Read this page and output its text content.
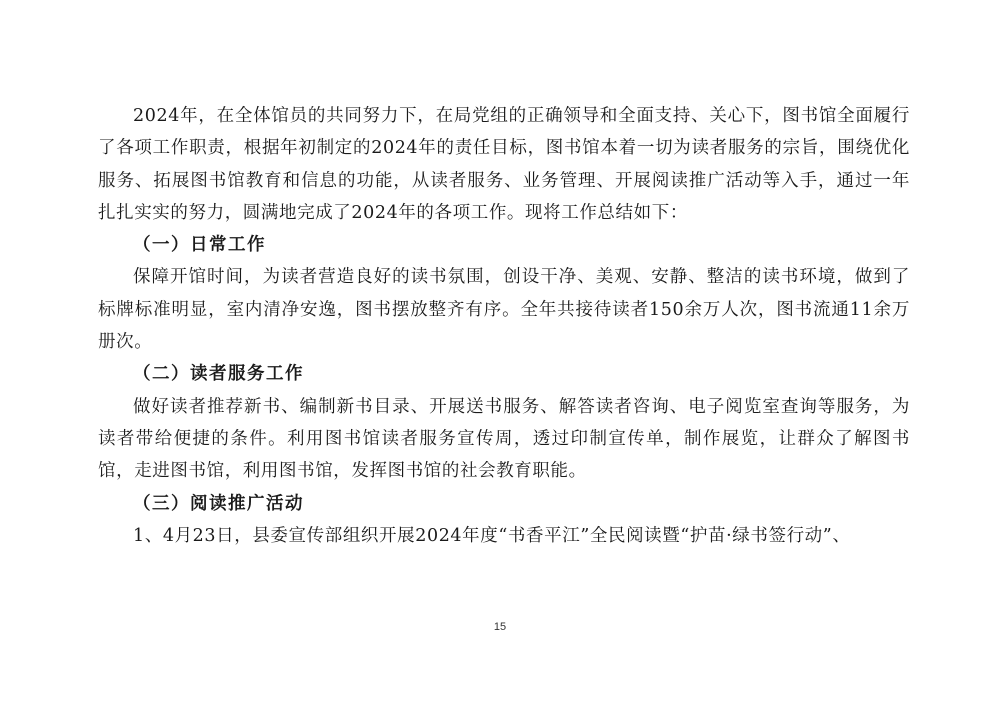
2024年，在全体馆员的共同努力下，在局党组的正确领导和全面支持、关心下，图书馆全面履行了各项工作职责，根据年初制定的2024年的责任目标，图书馆本着一切为读者服务的宗旨，围绕优化服务、拓展图书馆教育和信息的功能，从读者服务、业务管理、开展阅读推广活动等入手，通过一年扎扎实实的努力，圆满地完成了2024年的各项工作。现将工作总结如下：

（一）日常工作

保障开馆时间，为读者营造良好的读书氛围，创设干净、美观、安静、整洁的读书环境，做到了标牌标准明显，室内清净安逸，图书摆放整齐有序。全年共接待读者150余万人次，图书流通11余万册次。

（二）读者服务工作

做好读者推荐新书、编制新书目录、开展送书服务、解答读者咨询、电子阅览室查询等服务，为读者带给便捷的条件。利用图书馆读者服务宣传周，透过印制宣传单，制作展览，让群众了解图书馆，走进图书馆，利用图书馆，发挥图书馆的社会教育职能。

（三）阅读推广活动

1、4月23日，县委宣传部组织开展2024年度“书香平江”全民阅读暨“护苗·绿书签行动”、

15
